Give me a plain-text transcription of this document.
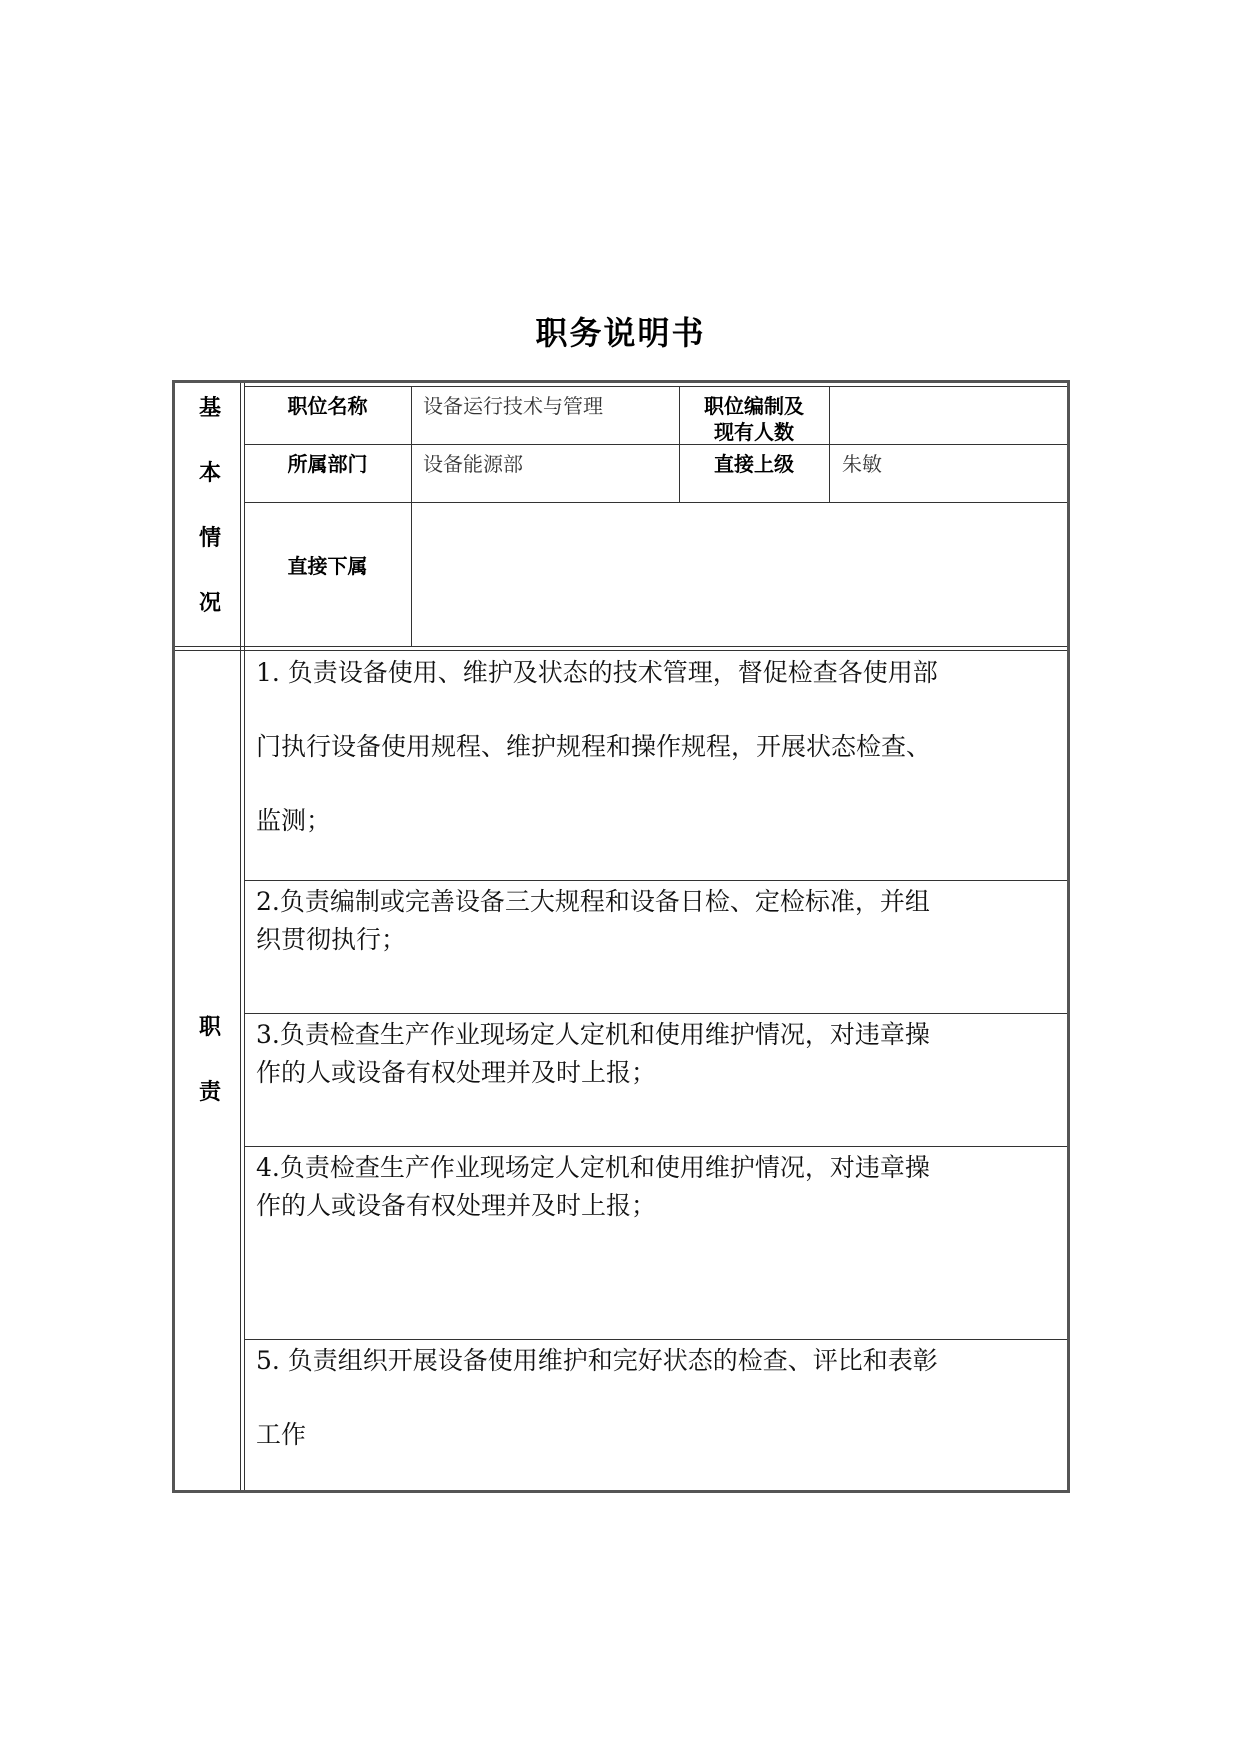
职务说明书
基
本
情
况
职位名称	设备运行技术与管理	职位编制及
现有人数
所属部门	设备能源部	直接上级	朱敏
直接下属
职
责
1. 负责设备使用、维护及状态的技术管理，督促检查各使用部
门执行设备使用规程、维护规程和操作规程，开展状态检查、
监测；
2.负责编制或完善设备三大规程和设备日检、定检标准，并组
织贯彻执行；
3.负责检查生产作业现场定人定机和使用维护情况，对违章操
作的人或设备有权处理并及时上报；
4.负责检查生产作业现场定人定机和使用维护情况，对违章操
作的人或设备有权处理并及时上报；
5. 负责组织开展设备使用维护和完好状态的检查、评比和表彰
工作
